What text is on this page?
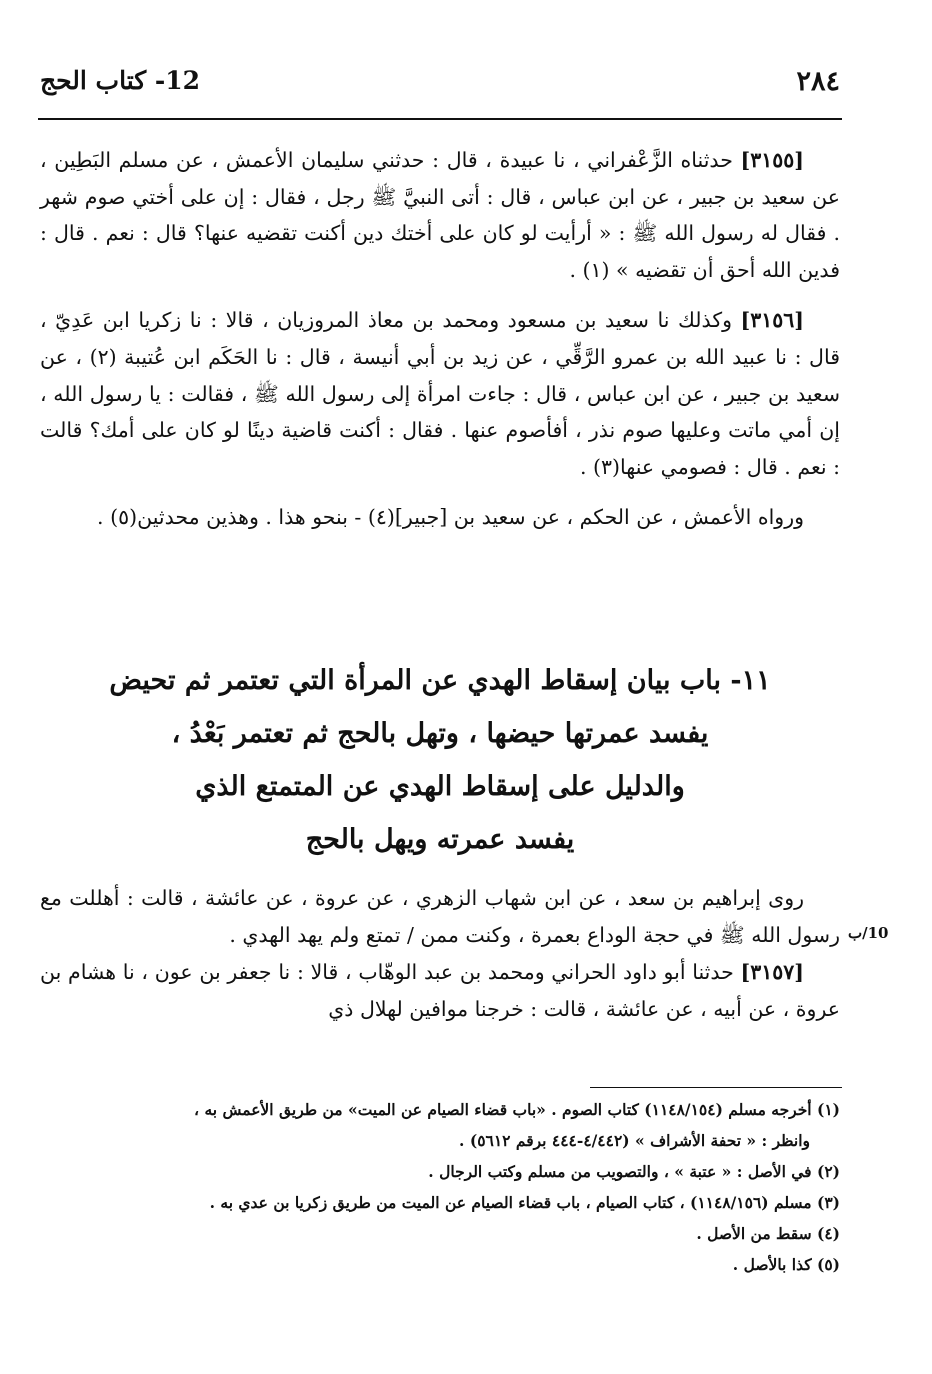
٢٨٤
12- كتاب الحج

[٣١٥٥] حدثناه الزَّعْفراني ، نا عبيدة ، قال : حدثني سليمان الأعمش ، عن مسلم البَطِين ، عن سعيد بن جبير ، عن ابن عباس ، قال : أتى النبيَّ ﷺ رجل ، فقال : إن على أختي صوم شهر . فقال له رسول الله ﷺ : « أرأيت لو كان على أختك دين أكنت تقضيه عنها؟ قال : نعم . قال : فدين الله أحق أن تقضيه » (١) .

[٣١٥٦] وكذلك نا سعيد بن مسعود ومحمد بن معاذ المروزيان ، قالا : نا زكريا ابن عَدِيّ ، قال : نا عبيد الله بن عمرو الرَّقِّي ، عن زيد بن أبي أنيسة ، قال : نا الحَكَم ابن عُتيبة (٢) ، عن سعيد بن جبير ، عن ابن عباس ، قال : جاءت امرأة إلى رسول الله ﷺ ، فقالت : يا رسول الله ، إن أمي ماتت وعليها صوم نذر ، أفأصوم عنها . فقال : أكنت قاضية دينًا لو كان على أمك؟ قالت : نعم . قال : فصومي عنها(٣) .

ورواه الأعمش ، عن الحكم ، عن سعيد بن [جبير](٤) - بنحو هذا . وهذين محدثين(٥) .

١١- باب بيان إسقاط الهدي عن المرأة التي تعتمر ثم تحيض
يفسد عمرتها حيضها ، وتهل بالحج ثم تعتمر بَعْدُ ،
والدليل على إسقاط الهدي عن المتمتع الذي
يفسد عمرته ويهل بالحج

روى إبراهيم بن سعد ، عن ابن شهاب الزهري ، عن عروة ، عن عائشة ، قالت : أهللت مع رسول الله ﷺ في حجة الوداع بعمرة ، وكنت ممن / تمتع ولم يهد الهدي .

[٣١٥٧] حدثنا أبو داود الحراني ومحمد بن عبد الوهّاب ، قالا : نا جعفر بن عون ، نا هشام بن عروة ، عن أبيه ، عن عائشة ، قالت : خرجنا موافين لهلال ذي

10/ب

(١) أخرجه مسلم (١١٤٨/١٥٤) كتاب الصوم . «باب قضاء الصيام عن الميت» من طريق الأعمش به ،

وانظر : « تحفة الأشراف » (٤/٤٤٢-٤٤٤ برقم ٥٦١٢) .

(٢) في الأصل : « عتبة » ، والتصويب من مسلم وكتب الرجال .

(٣) مسلم (١١٤٨/١٥٦) ، كتاب الصيام ، باب قضاء الصيام عن الميت من طريق زكريا بن عدي به .

(٤) سقط من الأصل .

(٥) كذا بالأصل .
